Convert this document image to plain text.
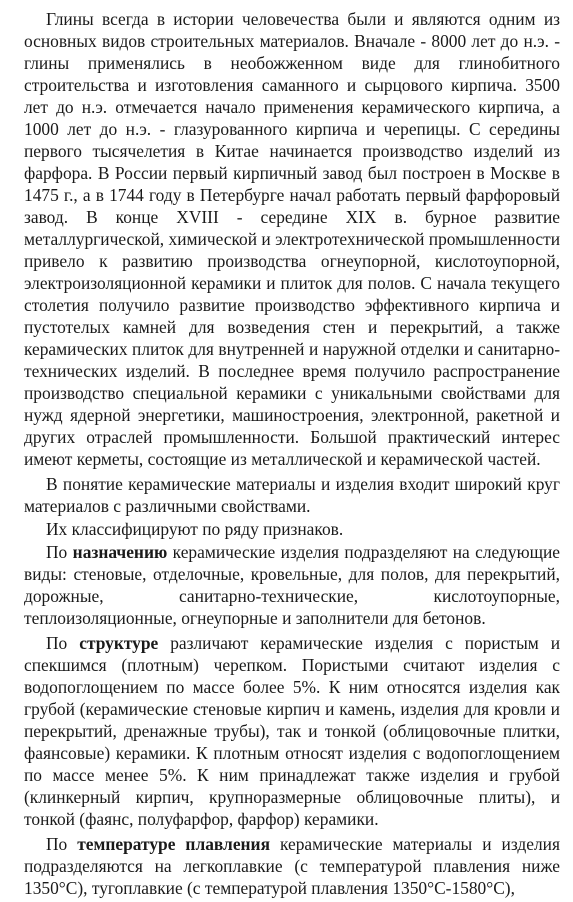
Глины всегда в истории человечества были и являются одним из основных видов строительных материалов. Вначале - 8000 лет до н.э. - глины применялись в необожженном виде для глинобитного строительства и изготовления саманного и сырцового кирпича. 3500 лет до н.э. отмечается начало применения керамического кирпича, а 1000 лет до н.э. - глазурованного кирпича и черепицы. С середины первого тысячелетия в Китае начинается производство изделий из фарфора. В России первый кирпичный завод был построен в Москве в 1475 г., а в 1744 году в Петербурге начал работать первый фарфоровый завод. В конце XVIII - середине XIX в. бурное развитие металлургической, химической и электротехнической промышленности привело к развитию производства огнеупорной, кислотоупорной, электроизоляционной керамики и плиток для полов. С начала текущего столетия получило развитие производство эффективного кирпича и пустотелых камней для возведения стен и перекрытий, а также керамических плиток для внутренней и наружной отделки и санитарно-технических изделий. В последнее время получило распространение производство специальной керамики с уникальными свойствами для нужд ядерной энергетики, машиностроения, электронной, ракетной и других отраслей промышленности. Большой практический интерес имеют керметы, состоящие из металлической и керамической частей.

В понятие керамические материалы и изделия входит широкий круг материалов с различными свойствами.

Их классифицируют по ряду признаков.

По назначению керамические изделия подразделяют на следующие виды: стеновые, отделочные, кровельные, для полов, для перекрытий, дорожные, санитарно-технические, кислотоупорные, теплоизоляционные, огнеупорные и заполнители для бетонов.

По структуре различают керамические изделия с пористым и спекшимся (плотным) черепком. Пористыми считают изделия с водопоглощением по массе более 5%. К ним относятся изделия как грубой (керамические стеновые кирпич и камень, изделия для кровли и перекрытий, дренажные трубы), так и тонкой (облицовочные плитки, фаянсовые) керамики. К плотным относят изделия с водопоглощением по массе менее 5%. К ним принадлежат также изделия и грубой (клинкерный кирпич, крупноразмерные облицовочные плиты), и тонкой (фаянс, полуфарфор, фарфор) керамики.

По температуре плавления керамические материалы и изделия подразделяются на легкоплавкие (с температурой плавления ниже 1350°С), тугоплавкие (с температурой плавления 1350°С-1580°С),
